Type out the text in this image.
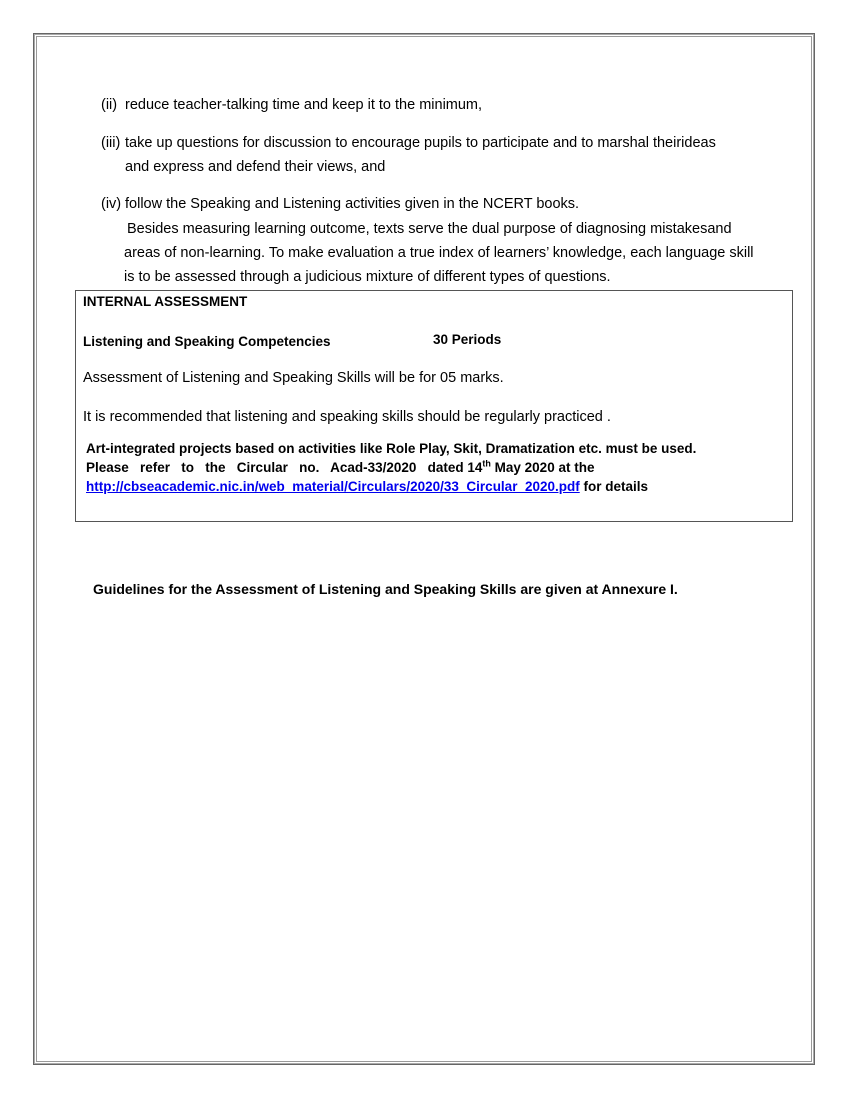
(ii) reduce teacher-talking time and keep it to the minimum,
(iii) take up questions for discussion to encourage pupils to participate and to marshal theirideas
and express and defend their views, and
(iv) follow the Speaking and Listening activities given in the NCERT books.
Besides measuring learning outcome, texts serve the dual purpose of diagnosing mistakesand
areas of non-learning. To make evaluation a true index of learners’ knowledge, each language skill
is to be assessed through a judicious mixture of different types of questions.
INTERNAL ASSESSMENT
Listening and Speaking Competencies	30 Periods
Assessment of Listening and Speaking Skills will be for 05 marks.
It is recommended that listening and speaking skills should be regularly practiced .
Art-integrated projects based on activities like Role Play, Skit, Dramatization etc. must be used.
Please   refer   to   the   Circular   no.   Acad-33/2020   dated 14th May 2020 at the
http://cbseacademic.nic.in/web_material/Circulars/2020/33_Circular_2020.pdf for details
Guidelines for the Assessment of Listening and Speaking Skills are given at Annexure I.
